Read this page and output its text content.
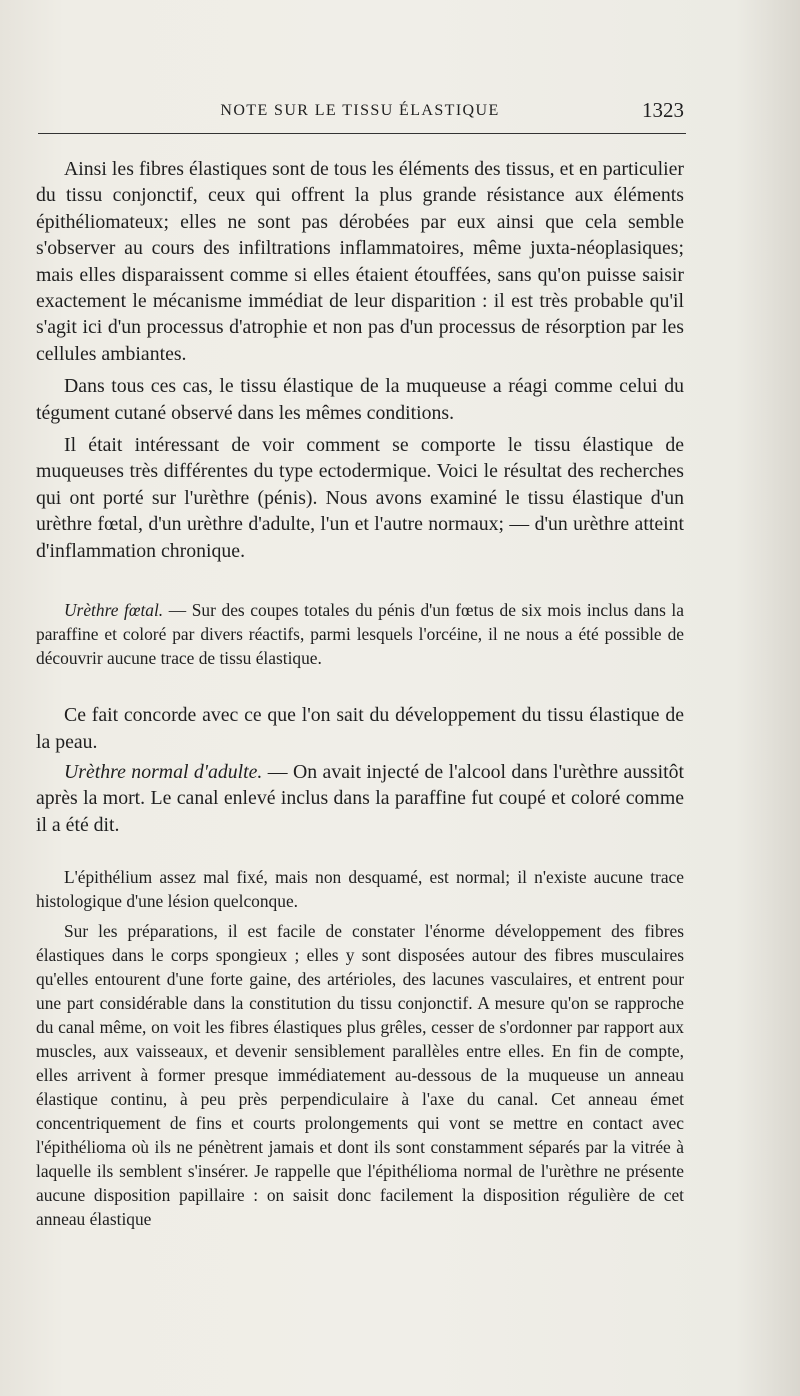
NOTE SUR LE TISSU ÉLASTIQUE	1323

Ainsi les fibres élastiques sont de tous les éléments des tissus, et en particulier du tissu conjonctif, ceux qui offrent la plus grande résistance aux éléments épithéliomateux; elles ne sont pas dérobées par eux ainsi que cela semble s'observer au cours des infiltrations inflammatoires, même juxta-néoplasiques; mais elles disparaissent comme si elles étaient étouffées, sans qu'on puisse saisir exactement le mécanisme immédiat de leur disparition : il est très probable qu'il s'agit ici d'un processus d'atrophie et non pas d'un processus de résorption par les cellules ambiantes.

Dans tous ces cas, le tissu élastique de la muqueuse a réagi comme celui du tégument cutané observé dans les mêmes conditions.

Il était intéressant de voir comment se comporte le tissu élastique de muqueuses très différentes du type ectodermique. Voici le résultat des recherches qui ont porté sur l'urèthre (pénis). Nous avons examiné le tissu élastique d'un urèthre fœtal, d'un urèthre d'adulte, l'un et l'autre normaux; — d'un urèthre atteint d'inflammation chronique.

Urèthre fœtal. — Sur des coupes totales du pénis d'un fœtus de six mois inclus dans la paraffine et coloré par divers réactifs, parmi lesquels l'orcéine, il ne nous a été possible de découvrir aucune trace de tissu élastique.

Ce fait concorde avec ce que l'on sait du développement du tissu élastique de la peau.

Urèthre normal d'adulte. — On avait injecté de l'alcool dans l'urèthre aussitôt après la mort. Le canal enlevé inclus dans la paraffine fut coupé et coloré comme il a été dit.

L'épithélium assez mal fixé, mais non desquamé, est normal; il n'existe aucune trace histologique d'une lésion quelconque.

Sur les préparations, il est facile de constater l'énorme développement des fibres élastiques dans le corps spongieux ; elles y sont disposées autour des fibres musculaires qu'elles entourent d'une forte gaine, des artérioles, des lacunes vasculaires, et entrent pour une part considérable dans la constitution du tissu conjonctif. A mesure qu'on se rapproche du canal même, on voit les fibres élastiques plus grêles, cesser de s'ordonner par rapport aux muscles, aux vaisseaux, et devenir sensiblement parallèles entre elles. En fin de compte, elles arrivent à former presque immédiatement au-dessous de la muqueuse un anneau élastique continu, à peu près perpendiculaire à l'axe du canal. Cet anneau émet concentriquement de fins et courts prolongements qui vont se mettre en contact avec l'épithélioma où ils ne pénètrent jamais et dont ils sont constamment séparés par la vitrée à laquelle ils semblent s'insérer. Je rappelle que l'épithélioma normal de l'urèthre ne présente aucune disposition papillaire : on saisit donc facilement la disposition régulière de cet anneau élastique
